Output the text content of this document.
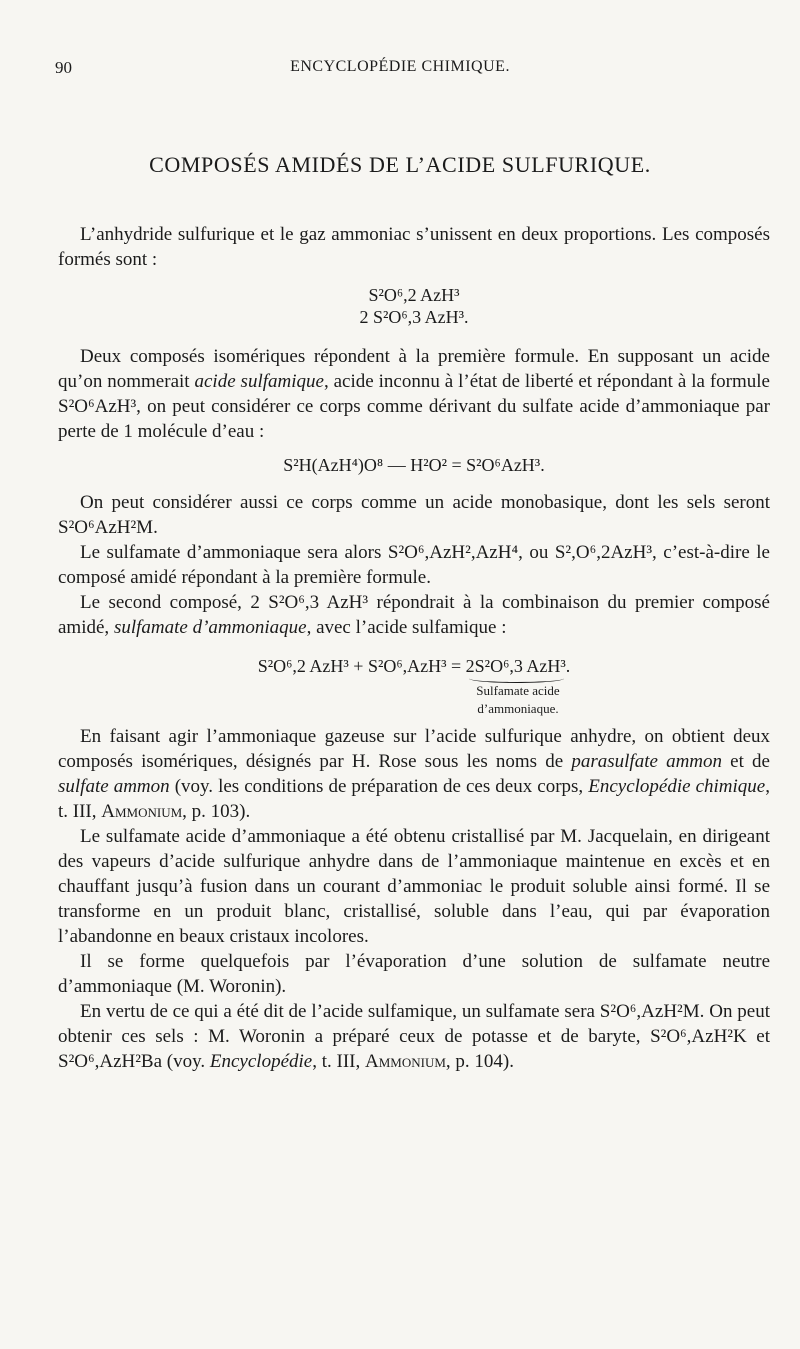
90	ENCYCLOPÉDIE CHIMIQUE.
COMPOSÉS AMIDÉS DE L’ACIDE SULFURIQUE.

L’anhydride sulfurique et le gaz ammoniac s’unissent en deux proportions. Les composés formés sont :

S²O⁶,2 AzH³
2 S²O⁶,3 AzH³.

Deux composés isomériques répondent à la première formule. En supposant un acide qu’on nommerait acide sulfamique, acide inconnu à l’état de liberté et répondant à la formule S²O⁶AzH³, on peut considérer ce corps comme dérivant du sulfate acide d’ammoniaque par perte de 1 molécule d’eau :

S²H(AzH⁴)O⁸ — H²O² = S²O⁶AzH³.

On peut considérer aussi ce corps comme un acide monobasique, dont les sels seront S²O⁶AzH²M.

Le sulfamate d’ammoniaque sera alors S²O⁶,AzH²,AzH⁴, ou S²,O⁶,2AzH³, c’est-à-dire le composé amidé répondant à la première formule.

Le second composé, 2 S²O⁶,3 AzH³ répondrait à la combinaison du premier composé amidé, sulfamate d’ammoniaque, avec l’acide sulfamique :

S²O⁶,2 AzH³ + S²O⁶,AzH³ = 2S²O⁶,3 AzH³.
Sulfamate acide
d’ammoniaque.

En faisant agir l’ammoniaque gazeuse sur l’acide sulfurique anhydre, on obtient deux composés isomériques, désignés par H. Rose sous les noms de parasulfate ammon et de sulfate ammon (voy. les conditions de préparation de ces deux corps, Encyclopédie chimique, t. III, Ammonium, p. 103).

Le sulfamate acide d’ammoniaque a été obtenu cristallisé par M. Jacquelain, en dirigeant des vapeurs d’acide sulfurique anhydre dans de l’ammoniaque maintenue en excès et en chauffant jusqu’à fusion dans un courant d’ammoniac le produit soluble ainsi formé. Il se transforme en un produit blanc, cristallisé, soluble dans l’eau, qui par évaporation l’abandonne en beaux cristaux incolores.

Il se forme quelquefois par l’évaporation d’une solution de sulfamate neutre d’ammoniaque (M. Woronin).

En vertu de ce qui a été dit de l’acide sulfamique, un sulfamate sera S²O⁶,AzH²M. On peut obtenir ces sels : M. Woronin a préparé ceux de potasse et de baryte, S²O⁶,AzH²K et S²O⁶,AzH²Ba (voy. Encyclopédie, t. III, Ammonium, p. 104).
